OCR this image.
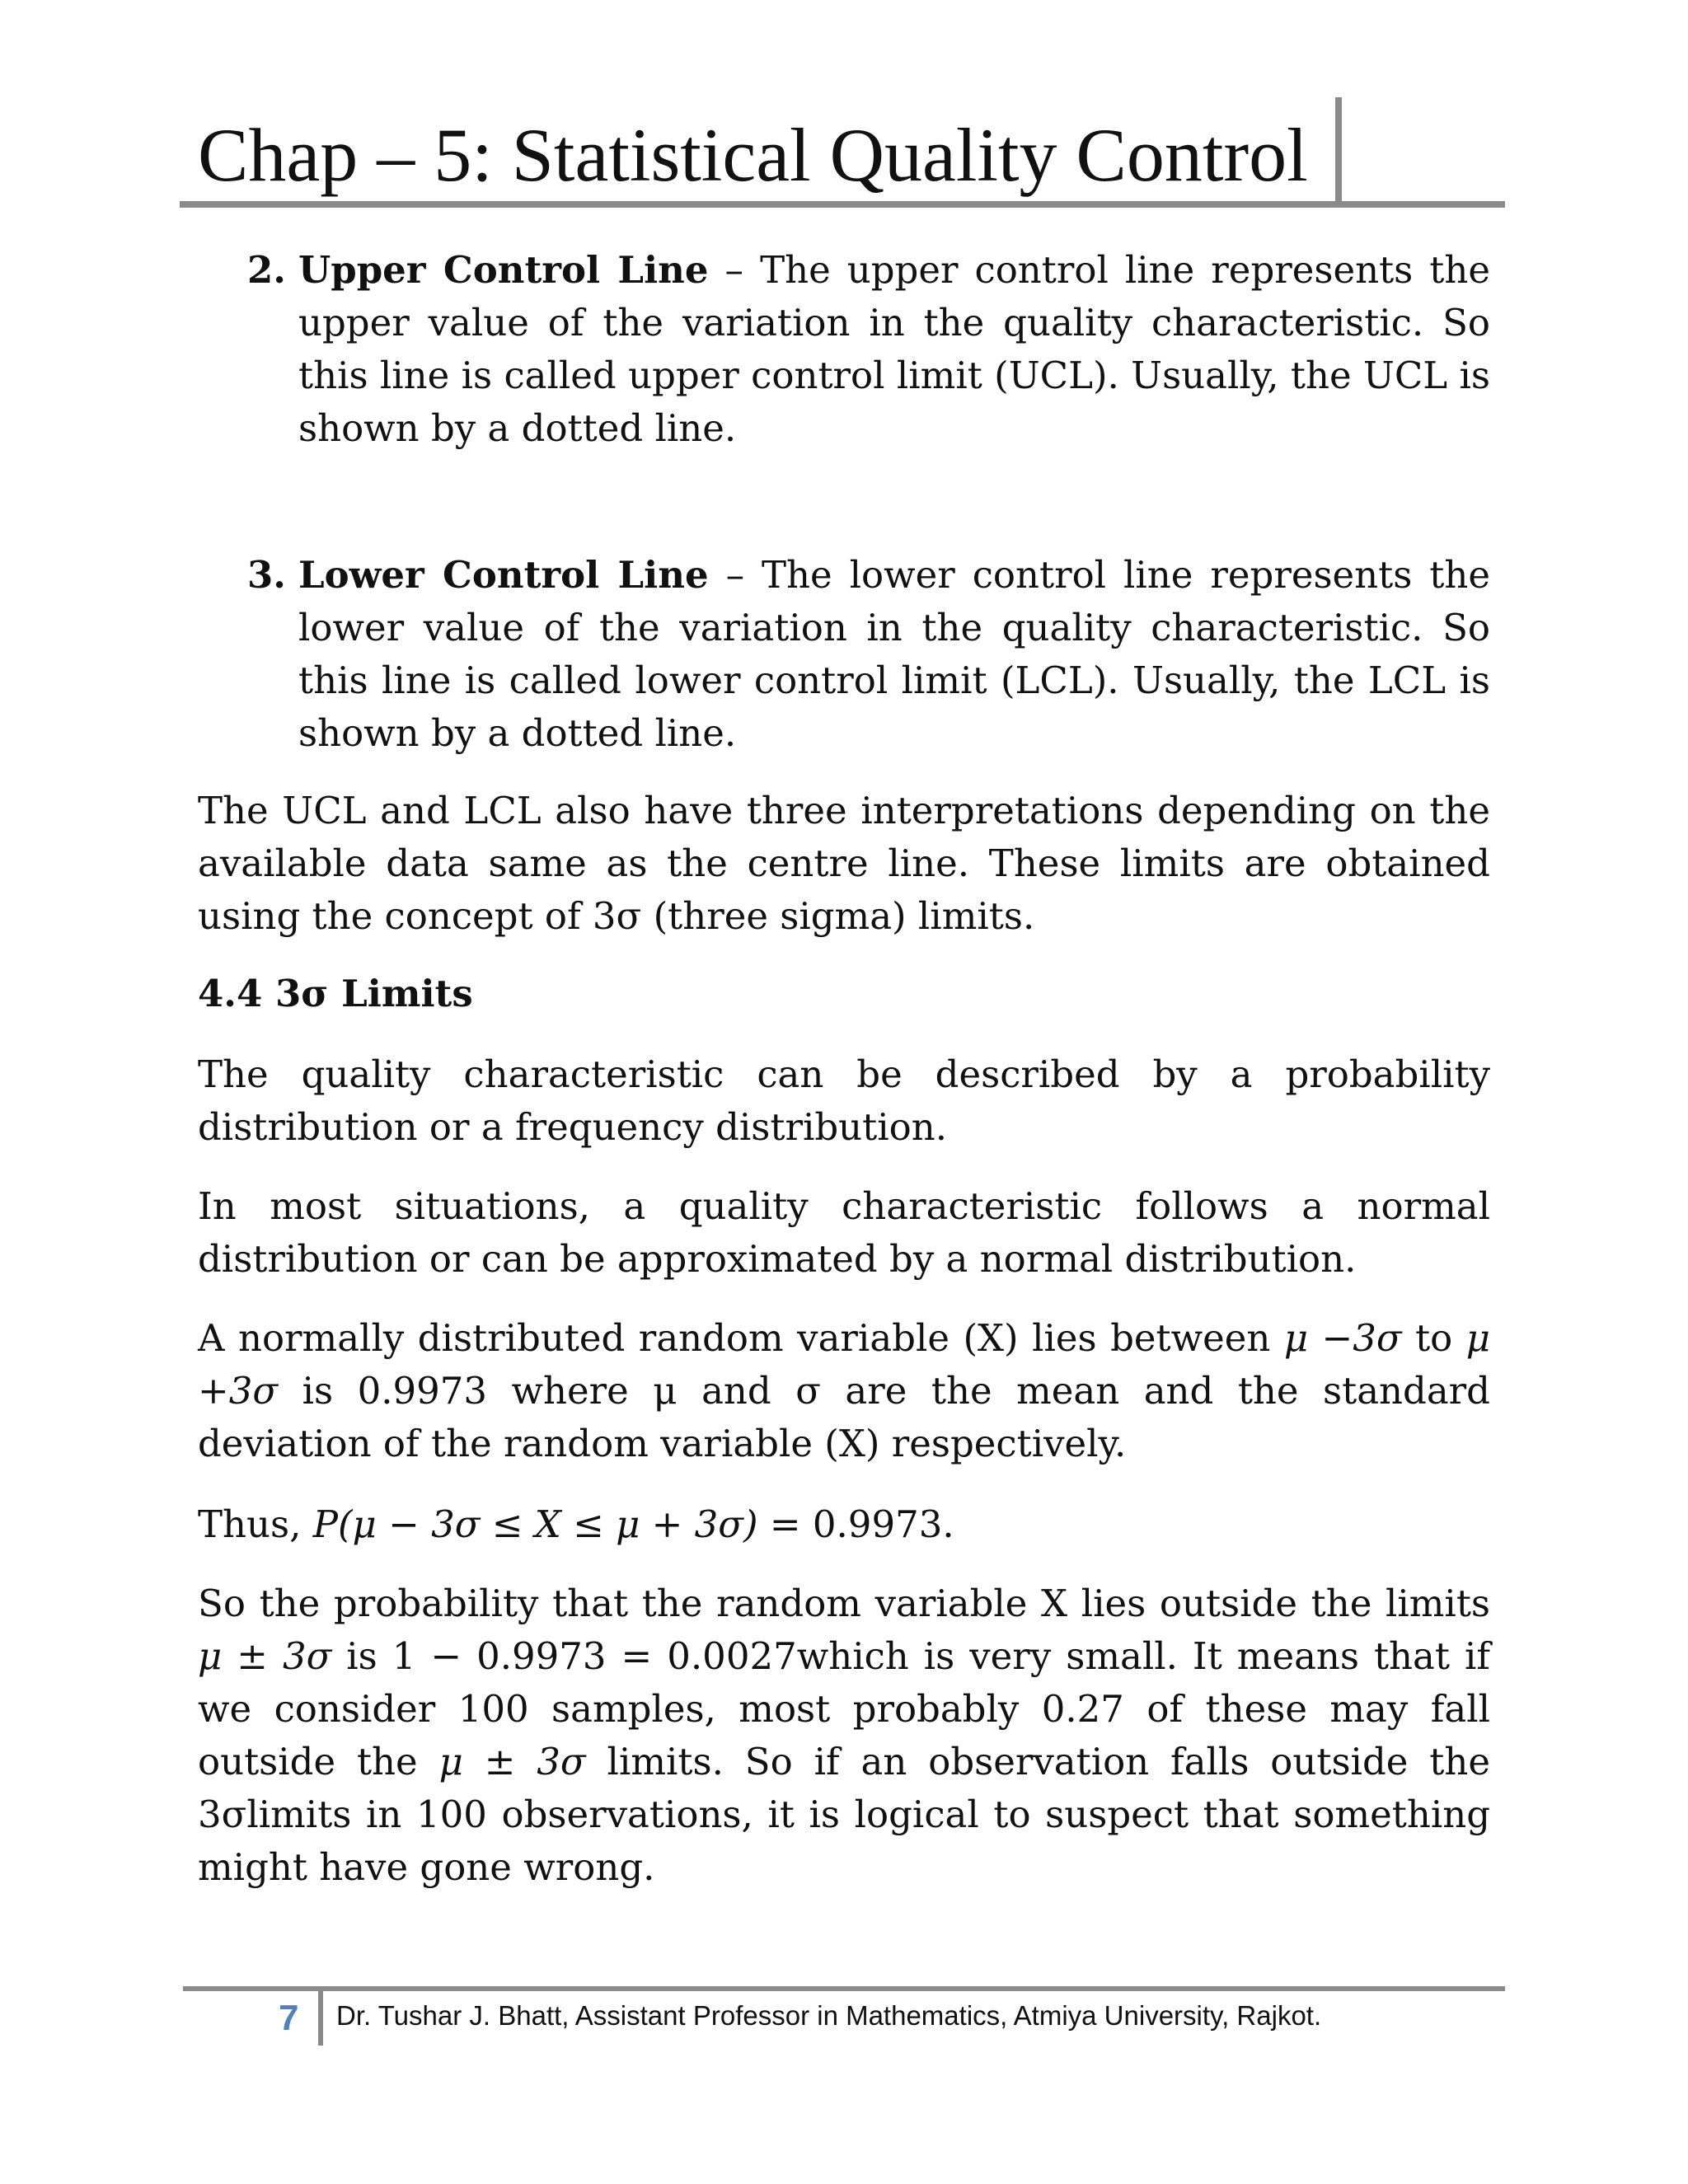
Chap – 5: Statistical Quality Control
2. Upper Control Line – The upper control line represents the upper value of the variation in the quality characteristic. So this line is called upper control limit (UCL). Usually, the UCL is shown by a dotted line.
3. Lower Control Line – The lower control line represents the lower value of the variation in the quality characteristic. So this line is called lower control limit (LCL). Usually, the LCL is shown by a dotted line.
The UCL and LCL also have three interpretations depending on the available data same as the centre line. These limits are obtained using the concept of 3σ (three sigma) limits.
4.4 3σ Limits
The quality characteristic can be described by a probability distribution or a frequency distribution.
In most situations, a quality characteristic follows a normal distribution or can be approximated by a normal distribution.
A normally distributed random variable (X) lies between μ −3σ to μ +3σ is 0.9973 where μ and σ are the mean and the standard deviation of the random variable (X) respectively.
Thus, P(μ − 3σ ≤ X ≤ μ + 3σ) = 0.9973.
So the probability that the random variable X lies outside the limits μ ± 3σ is 1 − 0.9973 = 0.0027which is very small. It means that if we consider 100 samples, most probably 0.27 of these may fall outside the μ ± 3σ limits. So if an observation falls outside the 3σlimits in 100 observations, it is logical to suspect that something might have gone wrong.
7 Dr. Tushar J. Bhatt, Assistant Professor in Mathematics, Atmiya University, Rajkot.
